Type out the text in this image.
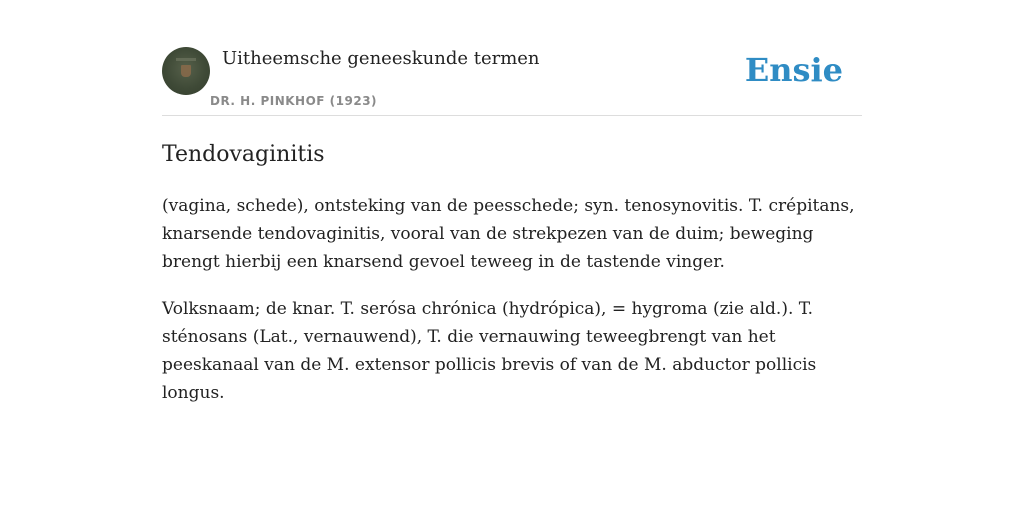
Uitheemsche geneeskunde termen
DR. H. PINKHOF (1923)
Ensie
Tendovaginitis

(vagina, schede), ontsteking van de peesschede; syn. tenosynovitis. T. crépitans, knarsende tendovaginitis, vooral van de strekpezen van de duim; beweging brengt hierbij een knarsend gevoel teweeg in de tastende vinger.

Volksnaam; de knar. T. serósa chrónica (hydrópica), = hygroma (zie ald.). T. sténosans (Lat., vernauwend), T. die vernauwing teweegbrengt van het peeskanaal van de M. extensor pollicis brevis of van de M. abductor pollicis longus.
